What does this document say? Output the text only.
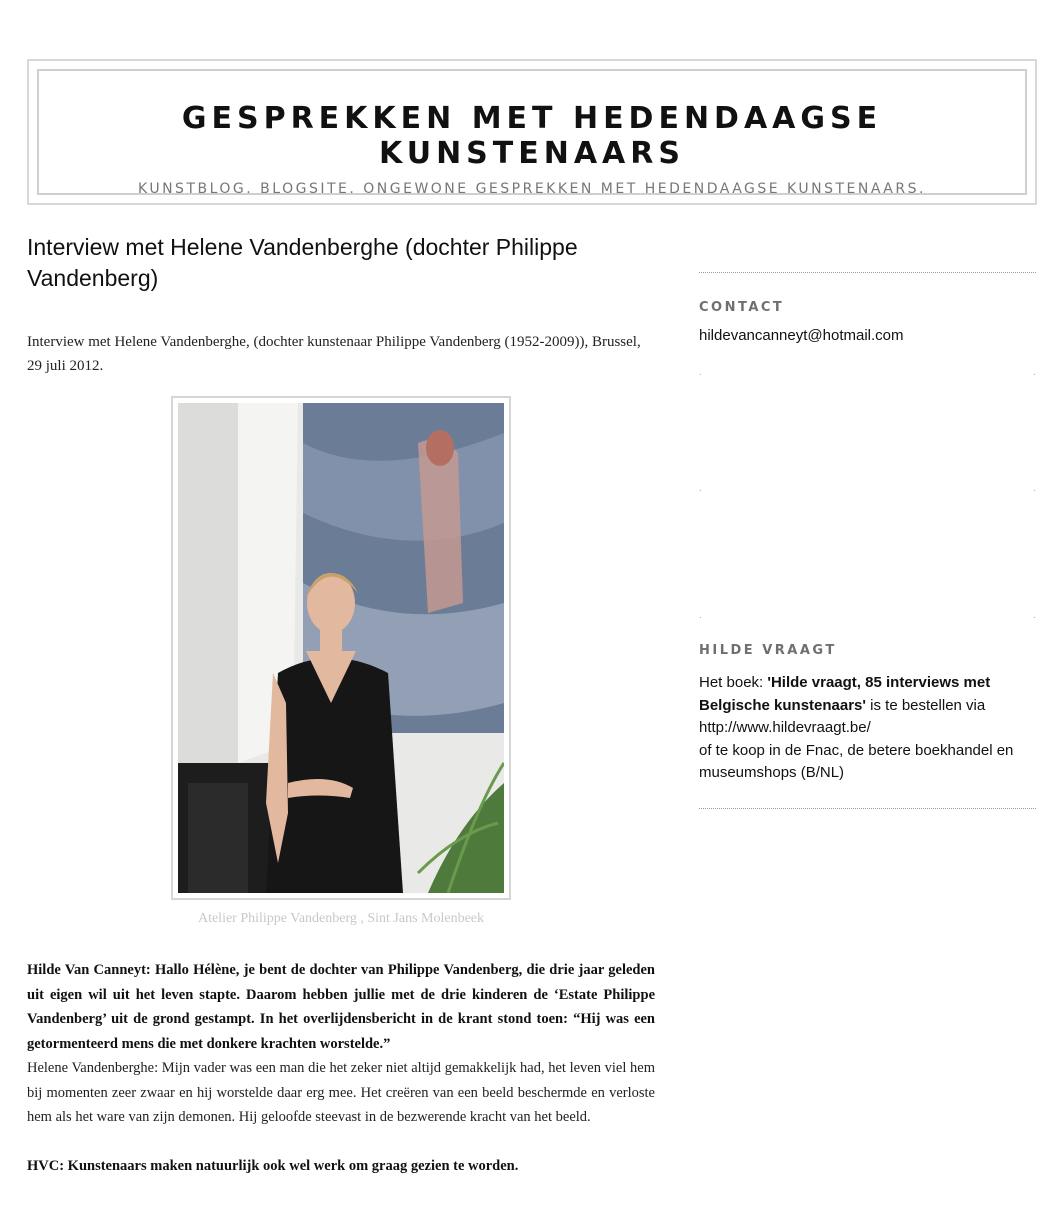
GESPREKKEN MET HEDENDAAGSE KUNSTENAARS
KUNSTBLOG. BLOGSITE. ONGEWONE GESPREKKEN MET HEDENDAAGSE KUNSTENAARS.
Interview met Helene Vandenberghe (dochter Philippe Vandenberg)

Interview met Helene Vandenberghe, (dochter kunstenaar Philippe Vandenberg (1952-2009)), Brussel, 29 juli 2012.

Atelier Philippe Vandenberg , Sint Jans Molenbeek
Hilde Van Canneyt: Hallo Hélène, je bent de dochter van Philippe Vandenberg, die drie jaar geleden uit eigen wil uit het leven stapte. Daarom hebben jullie met de drie kinderen de ‘Estate Philippe Vandenberg’ uit de grond gestampt. In het overlijdensbericht in de krant stond toen: “Hij was een getormenteerd mens die met donkere krachten worstelde.”
Helene Vandenberghe: Mijn vader was een man die het zeker niet altijd gemakkelijk had, het leven viel hem bij momenten zeer zwaar en hij worstelde daar erg mee. Het creëren van een beeld beschermde en verloste hem als het ware van zijn demonen. Hij geloofde steevast in de bezwerende kracht van het beeld.
HVC: Kunstenaars maken natuurlijk ook wel werk om graag gezien te worden.
CONTACT
hildevancanneyt@hotmail.com
.	.
.	.
.	.
HILDE VRAAGT
Het boek: 'Hilde vraagt, 85 interviews met Belgische kunstenaars' is te bestellen via
http://www.hildevraagt.be/
of te koop in de Fnac, de betere boekhandel en museumshops (B/NL)
